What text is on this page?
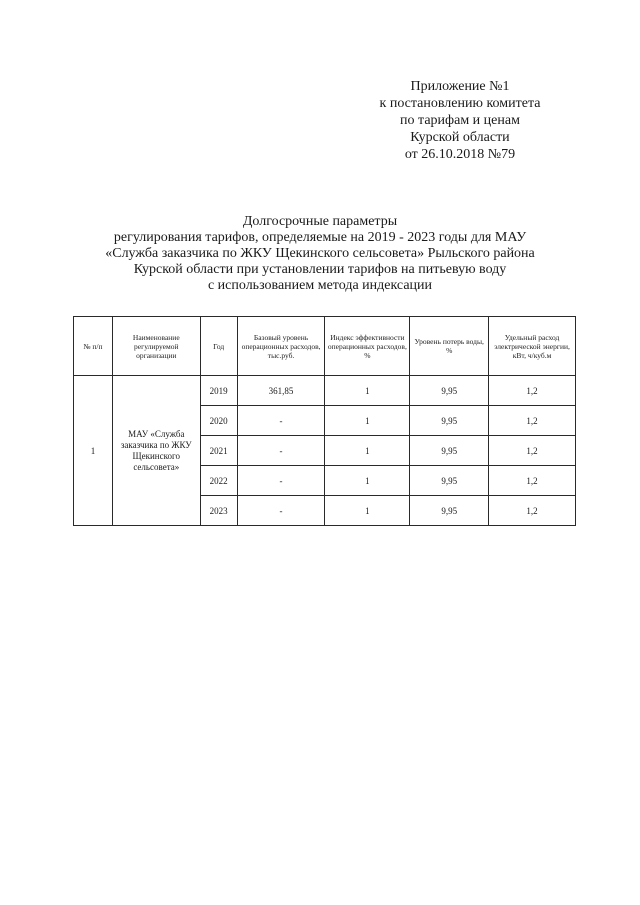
Приложение №1
к постановлению комитета
по тарифам и ценам
Курской области
от 26.10.2018 №79
Долгосрочные параметры
регулирования тарифов, определяемые на 2019 - 2023 годы для МАУ
«Служба заказчика по ЖКУ Щекинского сельсовета» Рыльского района
Курской области при установлении тарифов на питьевую воду
с использованием метода индексации
№ п/п	Наименование регулируемой организации	Год	Базовый уровень операционных расходов, тыс.руб.	Индекс эффективности операционных расходов, %	Уровень потерь воды, %	Удельный расход электрической энергии, кВт, ч/куб.м
1	МАУ «Служба заказчика по ЖКУ Щекинского сельсовета»	2019	361,85	1	9,95	1,2
		2020	-	1	9,95	1,2
		2021	-	1	9,95	1,2
		2022	-	1	9,95	1,2
		2023	-	1	9,95	1,2
